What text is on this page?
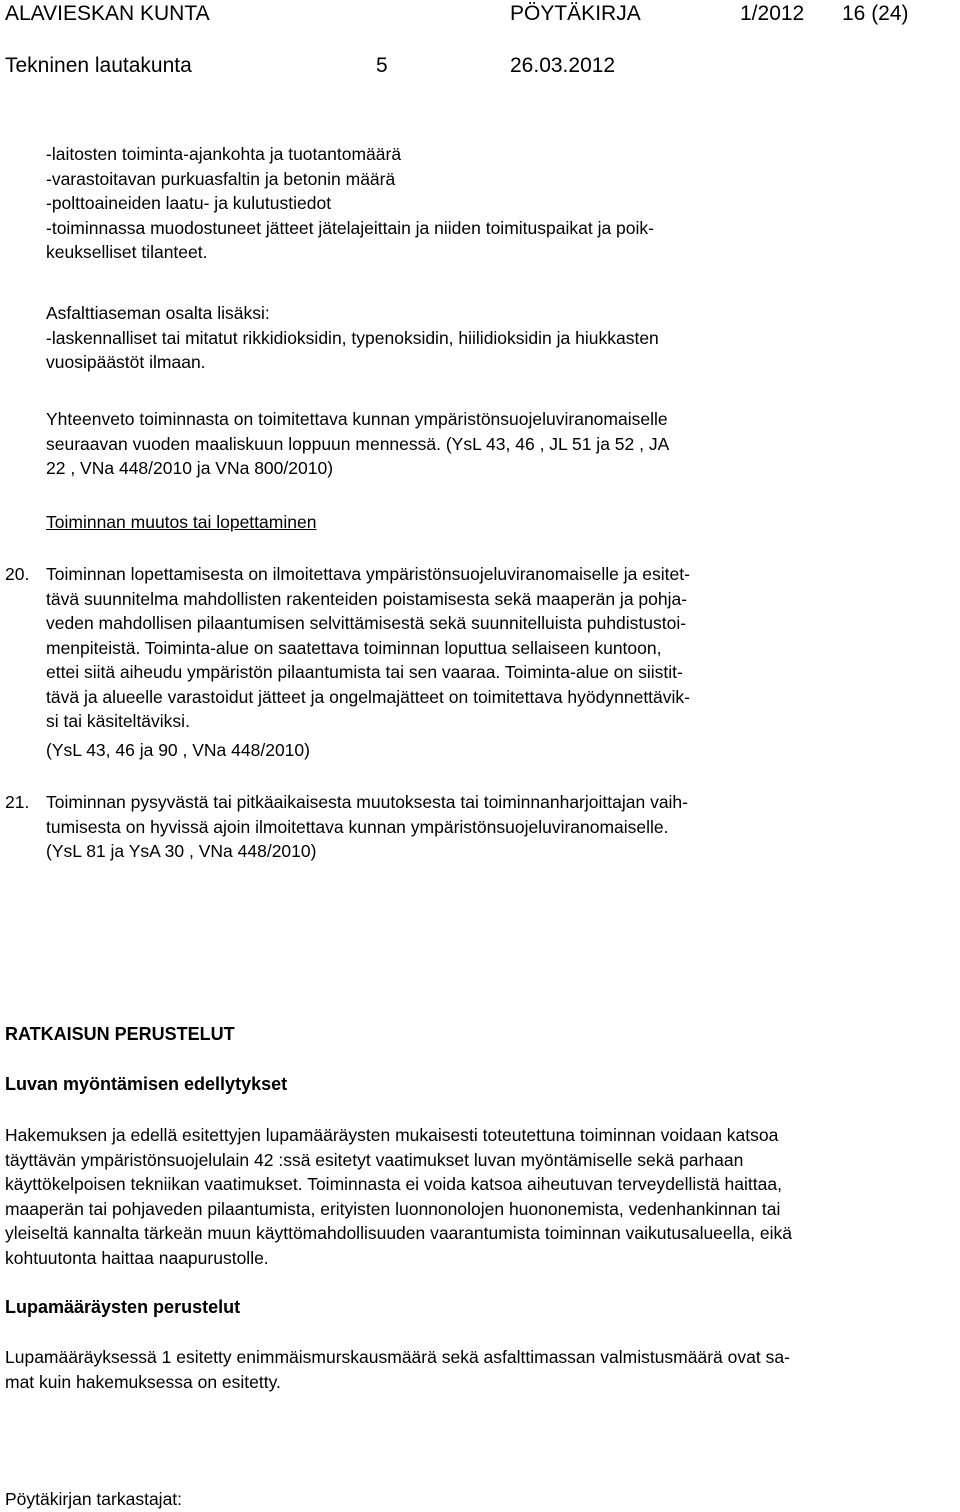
ALAVIESKAN KUNTA	PÖYTÄKIRJA	1/2012 16 (24)
Tekninen lautakunta	5	26.03.2012
-laitosten toiminta-ajankohta ja tuotantomäärä
-varastoitavan purkuasfaltin ja betonin määrä
-polttoaineiden laatu- ja kulutustiedot
-toiminnassa muodostuneet jätteet jätelajeittain ja niiden toimituspaikat ja poik-
keukselliset tilanteet.
Asfalttiaseman osalta lisäksi:
-laskennalliset tai mitatut rikkidioksidin, typenoksidin, hiilidioksidin ja hiukkasten
vuosipäästöt ilmaan.
Yhteenveto toiminnasta on toimitettava kunnan ympäristönsuojeluviranomaiselle
seuraavan vuoden maaliskuun loppuun mennessä. (YsL 43, 46 , JL 51 ja 52 , JA
22 , VNa 448/2010 ja VNa 800/2010)
Toiminnan muutos tai lopettaminen
20. Toiminnan lopettamisesta on ilmoitettava ympäristönsuojeluviranomaiselle ja esitet-
tävä suunnitelma mahdollisten rakenteiden poistamisesta sekä maaperän ja pohja-
veden mahdollisen pilaantumisen selvittämisestä sekä suunnitelluista puhdistustoi-
menpiteistä. Toiminta-alue on saatettava toiminnan loputtua sellaiseen kuntoon,
ettei siitä aiheudu ympäristön pilaantumista tai sen vaaraa. Toiminta-alue on siistit-
tävä ja alueelle varastoidut jätteet ja ongelmajätteet on toimitettava hyödynnettävik-
si tai käsiteltäviksi.
(YsL 43, 46 ja 90 , VNa 448/2010)
21. Toiminnan pysyvästä tai pitkäaikaisesta muutoksesta tai toiminnanharjoittajan vaih-
tumisesta on hyvissä ajoin ilmoitettava kunnan ympäristönsuojeluviranomaiselle.
(YsL 81 ja YsA 30 , VNa 448/2010)
RATKAISUN PERUSTELUT
Luvan myöntämisen edellytykset
Hakemuksen ja edellä esitettyjen lupamääräysten mukaisesti toteutettuna toiminnan voidaan katsoa
täyttävän ympäristönsuojelulain 42 :ssä esitetyt vaatimukset luvan myöntämiselle sekä parhaan
käyttökelpoisen tekniikan vaatimukset. Toiminnasta ei voida katsoa aiheutuvan terveydellistä haittaa,
maaperän tai pohjaveden pilaantumista, erityisten luonnonolojen huononemista, vedenhankinnan tai
yleiseltä kannalta tärkeän muun käyttömahdollisuuden vaarantumista toiminnan vaikutusalueella, eikä
kohtuutonta haittaa naapurustolle.
Lupamääräysten perustelut
Lupamääräyksessä 1 esitetty enimmäismurskausmäärä sekä asfalttimassan valmistusmäärä ovat sa-
mat kuin hakemuksessa on esitetty.
Pöytäkirjan tarkastajat:
